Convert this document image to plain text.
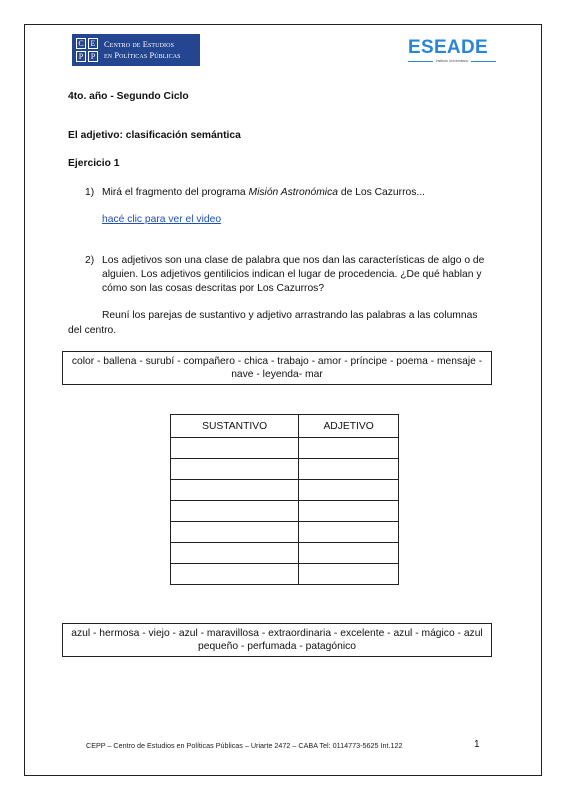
C E
P P
Centro de Estudios
en Políticas Públicas	ESEADE
Instituto Universitario
4to. año - Segundo Ciclo
El adjetivo: clasificación semántica
Ejercicio 1
1) Mirá el fragmento del programa Misión Astronómica de Los Cazurros...
hacé clic para ver el video
2) Los adjetivos son una clase de palabra que nos dan las características de algo o de alguien. Los adjetivos gentilicios indican el lugar de procedencia. ¿De qué hablan y cómo son las cosas descritas por Los Cazurros?
Reuní los parejas de sustantivo y adjetivo arrastrando las palabras a las columnas
del centro.
color - ballena - surubí - compañero - chica - trabajo - amor - príncipe - poema - mensaje -
nave - leyenda- mar
SUSTANTIVO	ADJETIVO

azul - hermosa - viejo - azul - maravillosa - extraordinaria - excelente - azul - mágico - azul
pequeño - perfumada - patagónico
CEPP – Centro de Estudios en Políticas Públicas – Uriarte 2472 – CABA Tel: 0114773-5625 Int.122	1
